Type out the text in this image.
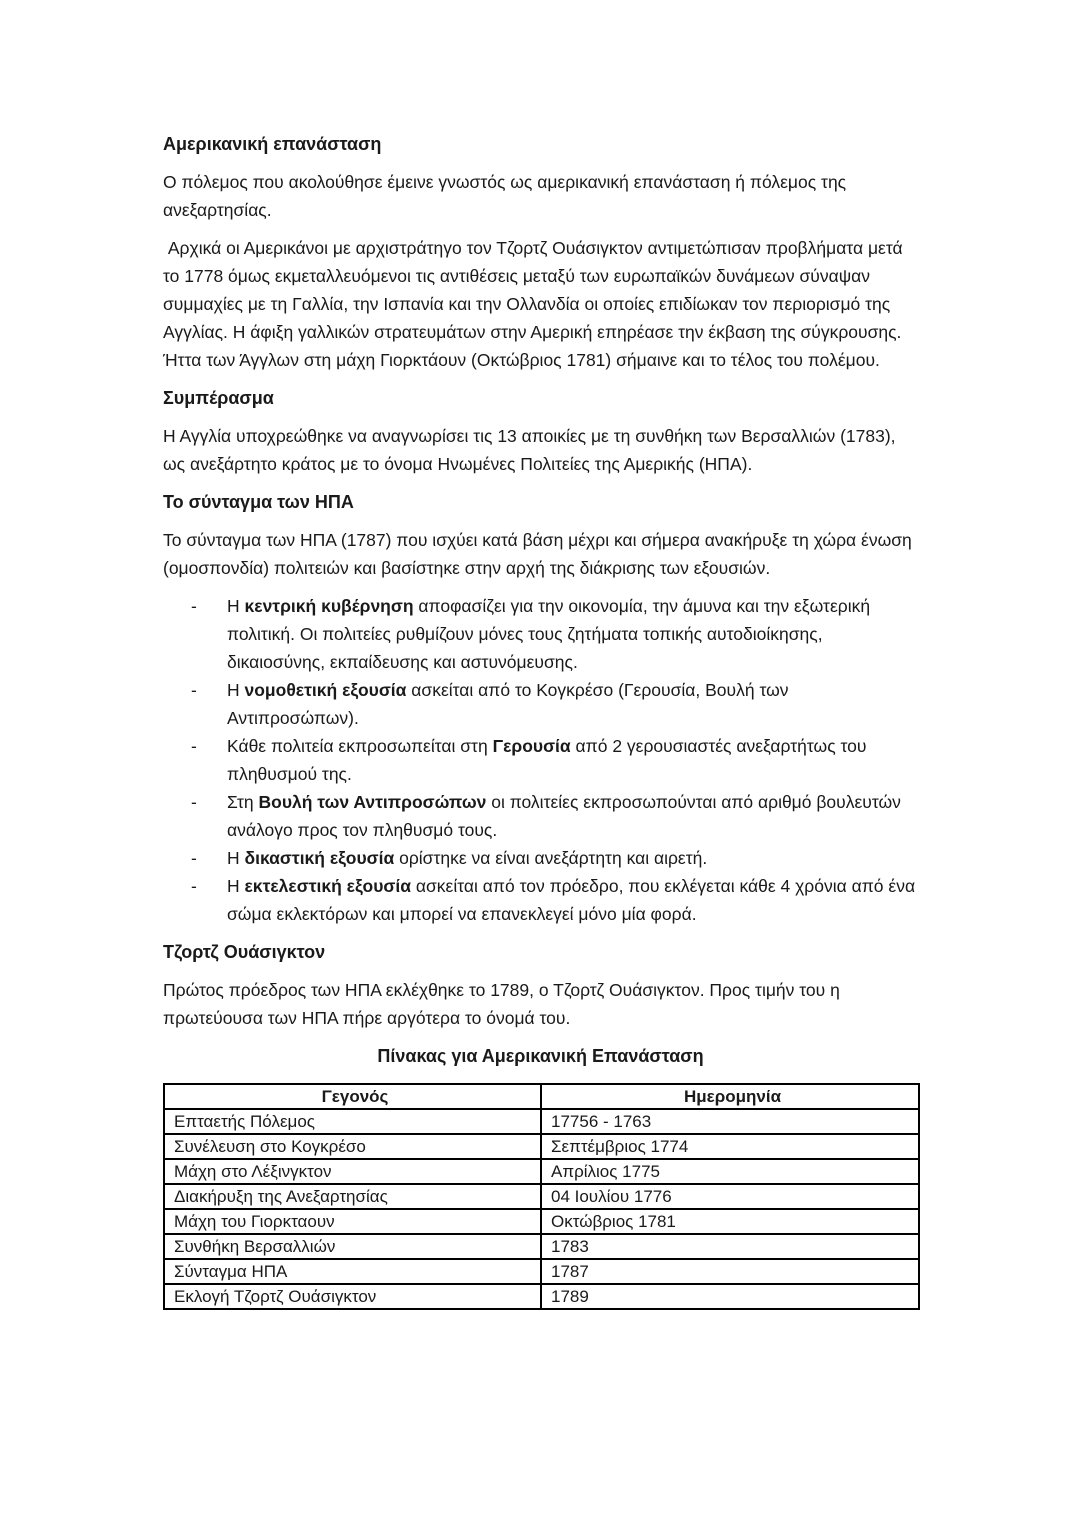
Αμερικανική επανάσταση

Ο πόλεμος που ακολούθησε έμεινε γνωστός ως αμερικανική επανάσταση ή πόλεμος της ανεξαρτησίας.

Αρχικά οι Αμερικάνοι με αρχιστράτηγο τον Τζορτζ Ουάσιγκτον αντιμετώπισαν προβλήματα μετά το 1778 όμως εκμεταλλευόμενοι τις αντιθέσεις μεταξύ των ευρωπαϊκών δυνάμεων σύναψαν συμμαχίες με τη Γαλλία, την Ισπανία και την Ολλανδία οι οποίες επιδίωκαν τον περιορισμό της Αγγλίας. Η άφιξη γαλλικών στρατευμάτων στην Αμερική επηρέασε την έκβαση της σύγκρουσης. Ήττα των Άγγλων στη μάχη Γιορκτάουν (Οκτώβριος 1781) σήμαινε και το τέλος του πολέμου.

Συμπέρασμα

Η Αγγλία υποχρεώθηκε να αναγνωρίσει τις 13 αποικίες με τη συνθήκη των Βερσαλλιών (1783), ως ανεξάρτητο κράτος με το όνομα Ηνωμένες Πολιτείες της Αμερικής (ΗΠΑ).

Το σύνταγμα των ΗΠΑ

Το σύνταγμα των ΗΠΑ (1787) που ισχύει κατά βάση μέχρι και σήμερα ανακήρυξε τη χώρα ένωση (ομοσπονδία) πολιτειών και βασίστηκε στην αρχή της διάκρισης των εξουσιών.

- Η κεντρική κυβέρνηση αποφασίζει για την οικονομία, την άμυνα και την εξωτερική πολιτική. Οι πολιτείες ρυθμίζουν μόνες τους ζητήματα τοπικής αυτοδιοίκησης, δικαιοσύνης, εκπαίδευσης και αστυνόμευσης.
- Η νομοθετική εξουσία ασκείται από το Κογκρέσο (Γερουσία, Βουλή των Αντιπροσώπων).
- Κάθε πολιτεία εκπροσωπείται στη Γερουσία από 2 γερουσιαστές ανεξαρτήτως του πληθυσμού της.
- Στη Βουλή των Αντιπροσώπων οι πολιτείες εκπροσωπούνται από αριθμό βουλευτών ανάλογο προς τον πληθυσμό τους.
- Η δικαστική εξουσία ορίστηκε να είναι ανεξάρτητη και αιρετή.
- Η εκτελεστική εξουσία ασκείται από τον πρόεδρο, που εκλέγεται κάθε 4 χρόνια από ένα σώμα εκλεκτόρων και μπορεί να επανεκλεγεί μόνο μία φορά.
Τζορτζ Ουάσιγκτον

Πρώτος πρόεδρος των ΗΠΑ εκλέχθηκε το 1789, ο Τζορτζ Ουάσιγκτον. Προς τιμήν του η πρωτεύουσα των ΗΠΑ πήρε αργότερα το όνομά του.

Πίνακας για Αμερικανική Επανάσταση
Γεγονός	Ημερομηνία
Επταετής Πόλεμος	17756 - 1763
Συνέλευση στο Κογκρέσο	Σεπτέμβριος 1774
Μάχη στο Λέξινγκτον	Απρίλιος 1775
Διακήρυξη της Ανεξαρτησίας	04 Ιουλίου 1776
Μάχη του Γιορκταουν	Οκτώβριος 1781
Συνθήκη Βερσαλλιών	1783
Σύνταγμα ΗΠΑ	1787
Εκλογή Τζορτζ Ουάσιγκτον	1789
